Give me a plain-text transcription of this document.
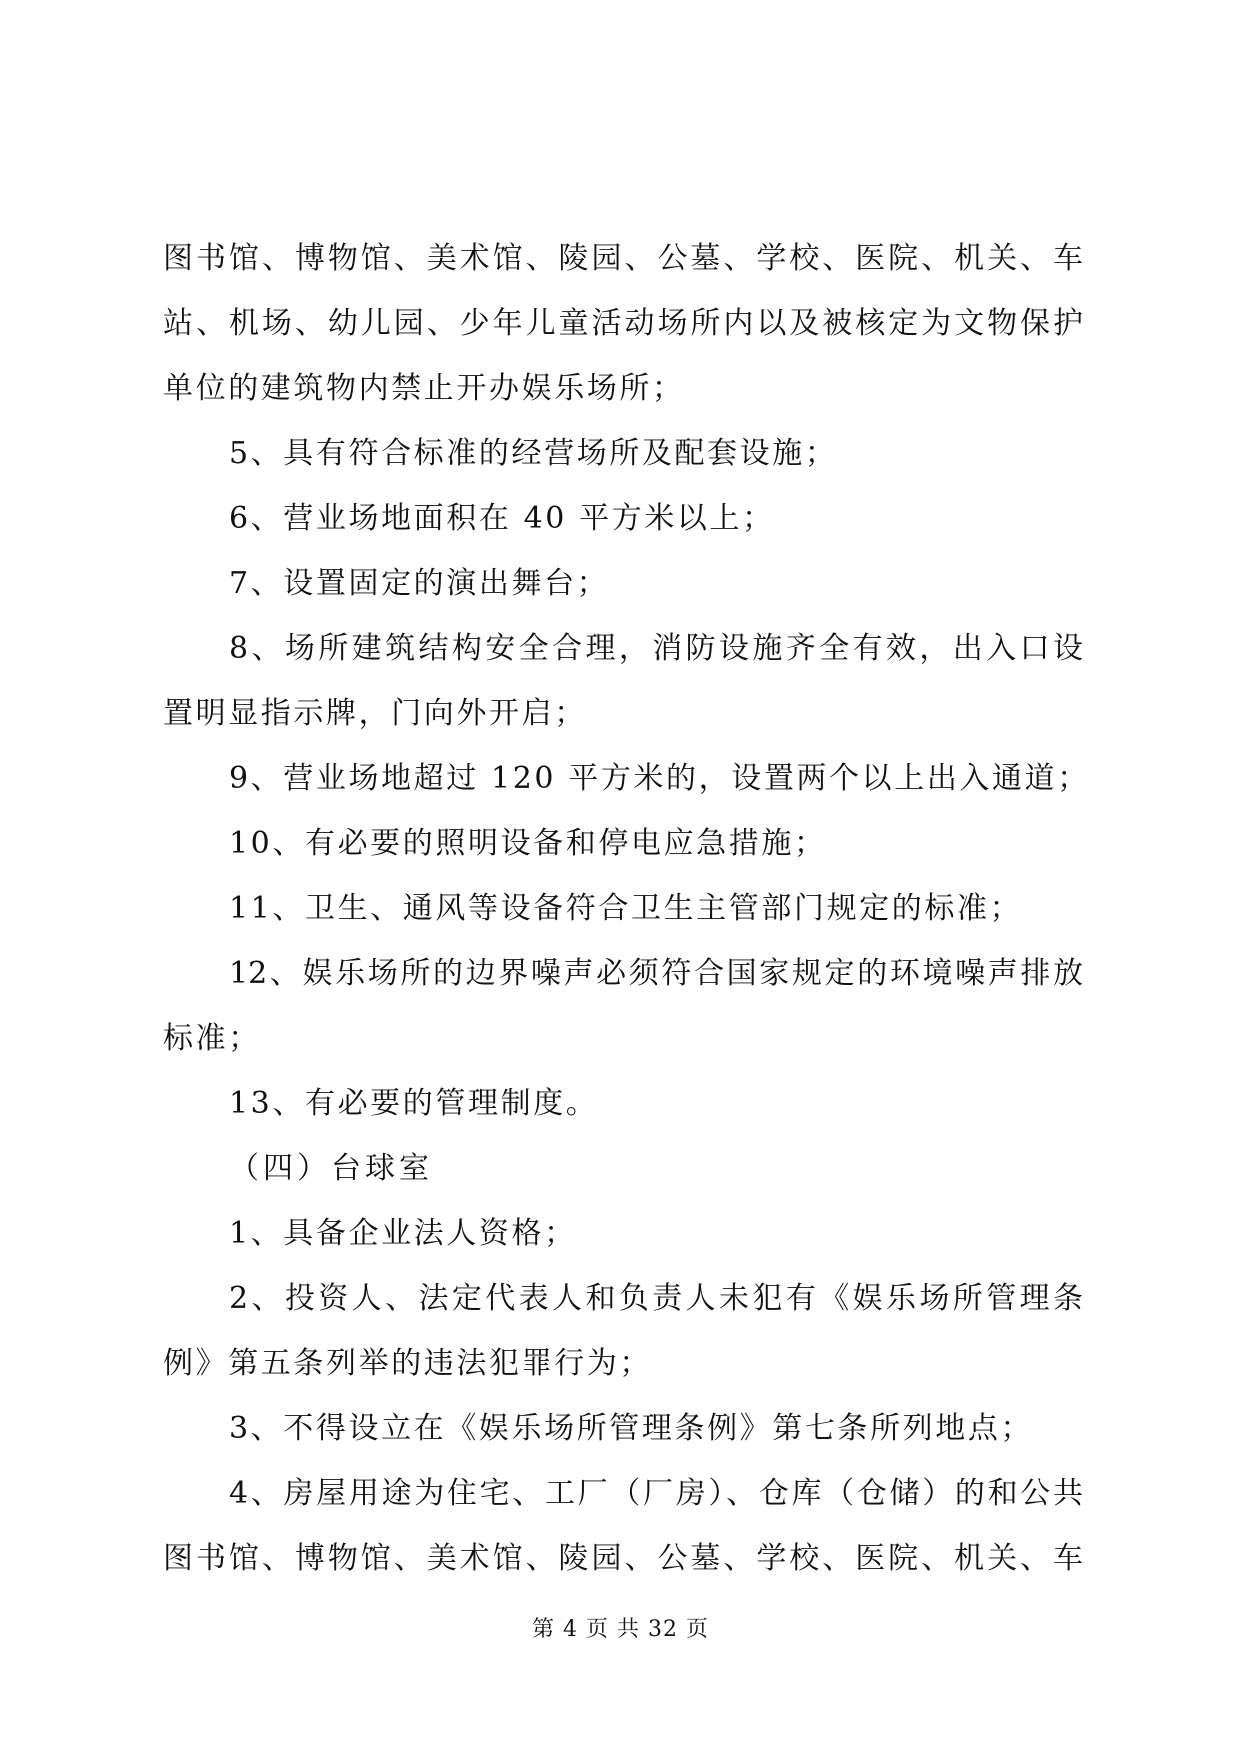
图书馆、博物馆、美术馆、陵园、公墓、学校、医院、机关、车
站、机场、幼儿园、少年儿童活动场所内以及被核定为文物保护
单位的建筑物内禁止开办娱乐场所；
5、具有符合标准的经营场所及配套设施；
6、营业场地面积在 40 平方米以上；
7、设置固定的演出舞台；
8、场所建筑结构安全合理，消防设施齐全有效，出入口设
置明显指示牌，门向外开启；
9、营业场地超过 120 平方米的，设置两个以上出入通道；
10、有必要的照明设备和停电应急措施；
11、卫生、通风等设备符合卫生主管部门规定的标准；
12、娱乐场所的边界噪声必须符合国家规定的环境噪声排放
标准；
13、有必要的管理制度。
（四）台球室
1、具备企业法人资格；
2、投资人、法定代表人和负责人未犯有《娱乐场所管理条
例》第五条列举的违法犯罪行为；
3、不得设立在《娱乐场所管理条例》第七条所列地点；
4、房屋用途为住宅、工厂（厂房）、仓库（仓储）的和公共
图书馆、博物馆、美术馆、陵园、公墓、学校、医院、机关、车
第 4 页 共 32 页
